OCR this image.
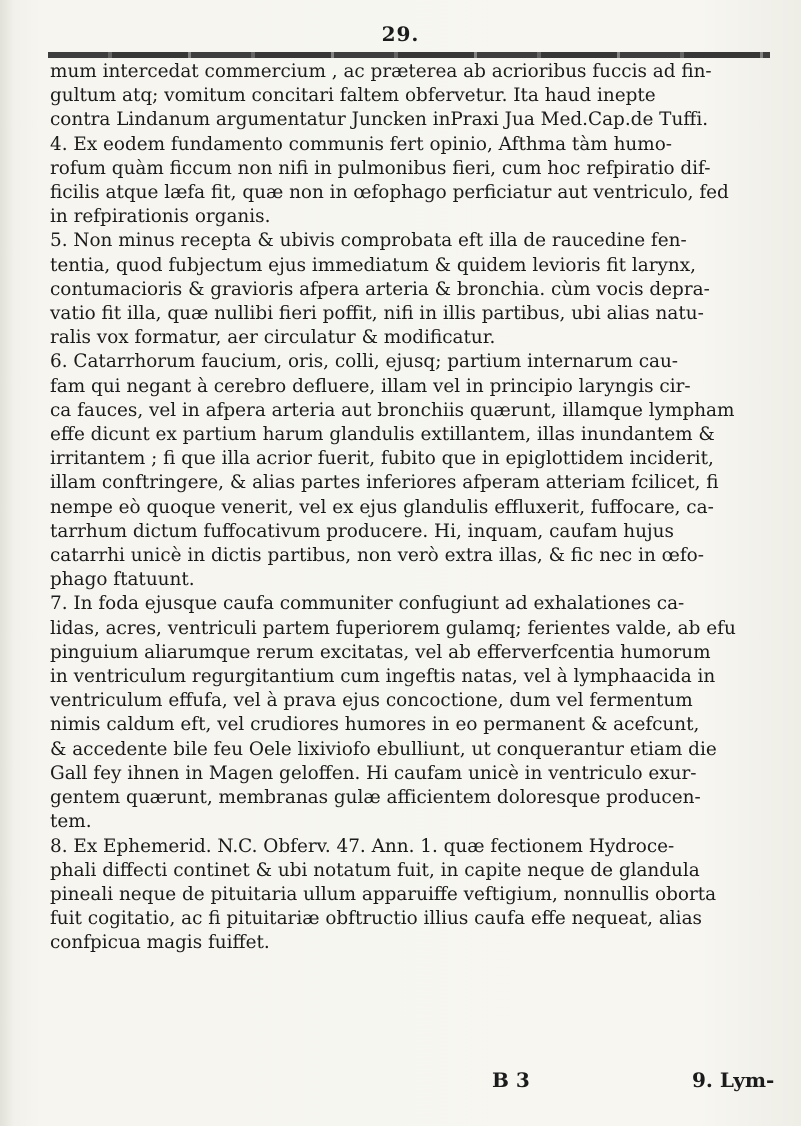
29.

mum intercedat commercium , ac prӕterea ab acrioribus fuccis ad fin-

gultum atq; vomitum concitari faltem obfervetur. Ita haud inepte

contra Lindanum argumentatur Juncken inPraxi Jua Med.Cap.de Tuffi.

4. Ex eodem fundamento communis fert opinio, Afthma tàm humo-

rofum quàm ficcum non nifi in pulmonibus fieri, cum hoc refpiratio dif-

ficilis atque lӕfa fit, quӕ non in œfophago perficiatur aut ventriculo, fed

in refpirationis organis.

5. Non minus recepta & ubivis comprobata eft illa de raucedine fen-

tentia, quod fubjectum ejus immediatum & quidem levioris fit larynx,

contumacioris & gravioris afpera arteria & bronchia. cùm vocis depra-

vatio fit illa, quӕ nullibi fieri poffit, nifi in illis partibus, ubi alias natu-

ralis vox formatur, aer circulatur & modificatur.

6. Catarrhorum faucium, oris, colli, ejusq; partium internarum cau-

fam qui negant à cerebro defluere, illam vel in principio laryngis cir-

ca fauces, vel in afpera arteria aut bronchiis quӕrunt, illamque lympham

effe dicunt ex partium harum glandulis extillantem, illas inundantem &

irritantem ; fi que illa acrior fuerit, fubito que in epiglottidem inciderit,

illam conftringere, & alias partes inferiores afperam atteriam fcilicet, fi

nempe eò quoque venerit, vel ex ejus glandulis effluxerit, fuffocare, ca-

tarrhum dictum fuffocativum producere. Hi, inquam, caufam hujus

catarrhi unicè in dictis partibus, non verò extra illas, & fic nec in œfo-

phago ftatuunt.

7. In foda ejusque caufa communiter confugiunt ad exhalationes ca-

lidas, acres, ventriculi partem fuperiorem gulamq; ferientes valde, ab efu

pinguium aliarumque rerum excitatas, vel ab efferverfcentia humorum

in ventriculum regurgitantium cum ingeftis natas, vel à lymphaacida in

ventriculum effufa, vel à prava ejus concoctione, dum vel fermentum

nimis caldum eft, vel crudiores humores in eo permanent & acefcunt,

& accedente bile feu Oele lixiviofo ebulliunt, ut conquerantur etiam die

Gall fey ihnen in Magen geloffen. Hi caufam unicè in ventriculo exur-

gentem quӕrunt, membranas gulӕ afficientem doloresque producen-

tem.

8. Ex Ephemerid. N.C. Obferv. 47. Ann. 1. quӕ fectionem Hydroce-

phali diffecti continet & ubi notatum fuit, in capite neque de glandula

pineali neque de pituitaria ullum apparuiffe veftigium, nonnullis oborta

fuit cogitatio, ac fi pituitariӕ obftructio illius caufa effe nequeat, alias

confpicua magis fuiffet.

B 3	9. Lym-
